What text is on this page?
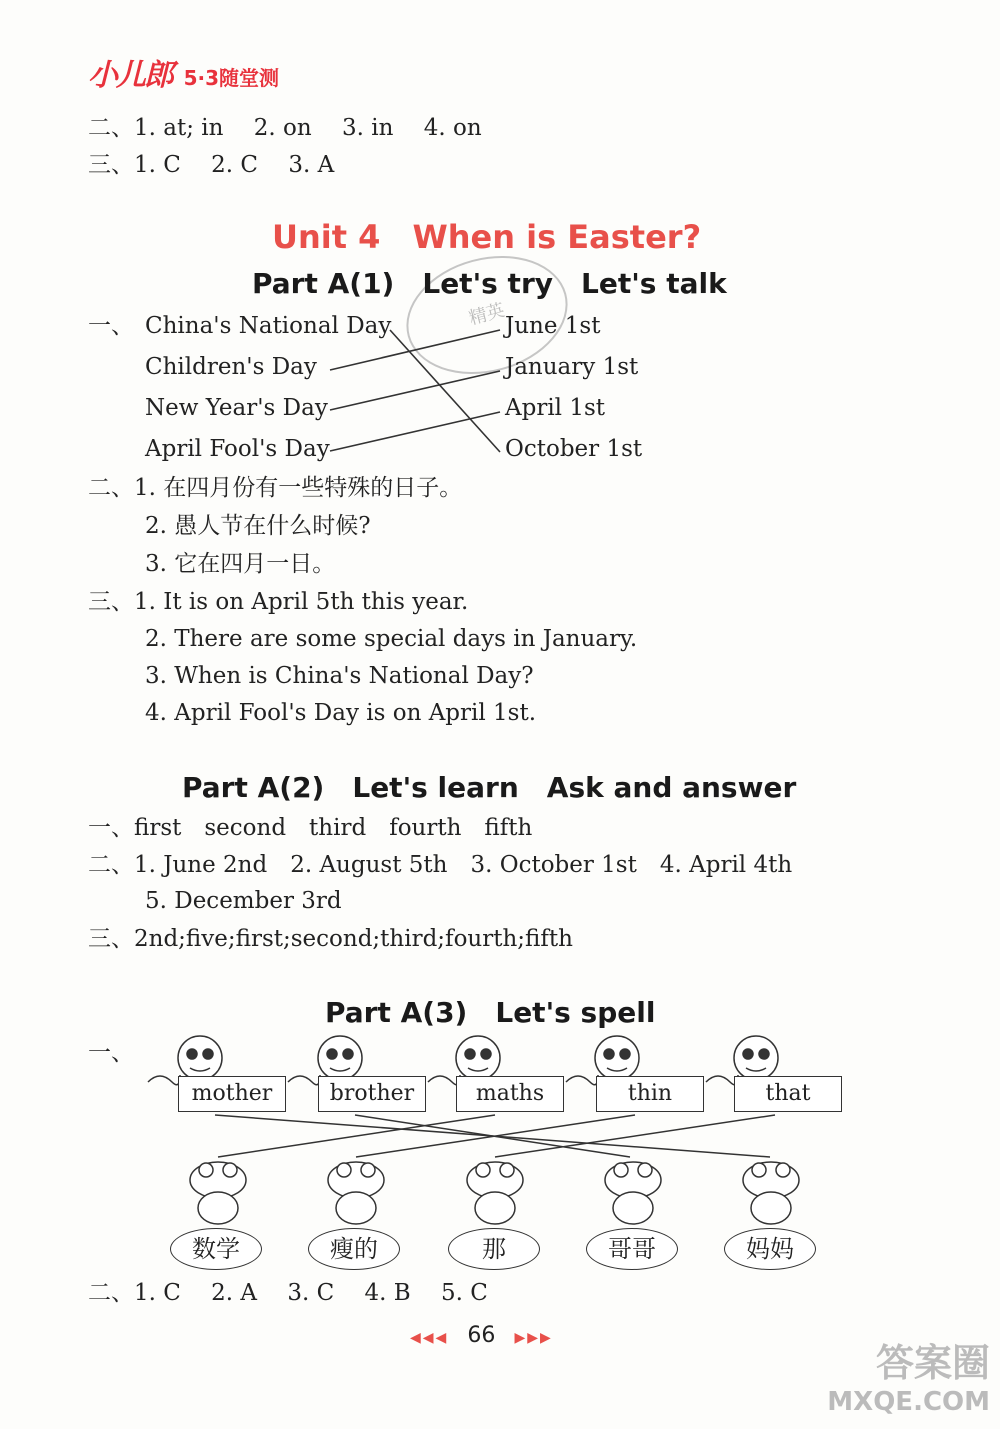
小儿郎 5·3随堂测
二、1. at; in　 2. on　 3. in　 4. on
三、1. C　 2. C　 3. A
Unit 4　When is Easter?
精英
Part A(1)　Let's try　Let's talk
一、 China's National Day
Children's Day
New Year's Day
April Fool's Day
June 1st
January 1st
April 1st
October 1st
二、1. 在四月份有一些特殊的日子。
2. 愚人节在什么时候?
3. 它在四月一日。
三、1. It is on April 5th this year.
2. There are some special days in January.
3. When is China's National Day?
4. April Fool's Day is on April 1st.
Part A(2)　Let's learn　Ask and answer
一、first　second　third　fourth　fifth
二、1. June 2nd　2. August 5th　3. October 1st　4. April 4th
5. December 3rd
三、2nd;five;first;second;third;fourth;fifth
Part A(3)　Let's spell
一、
mother	brother	maths	thin	that
数学	瘦的	那	哥哥	妈妈
二、1. C　 2. A　 3. C　 4. B　 5. C
◀◀◀ 66 ▶▶▶
答案圈
MXQE.COM
